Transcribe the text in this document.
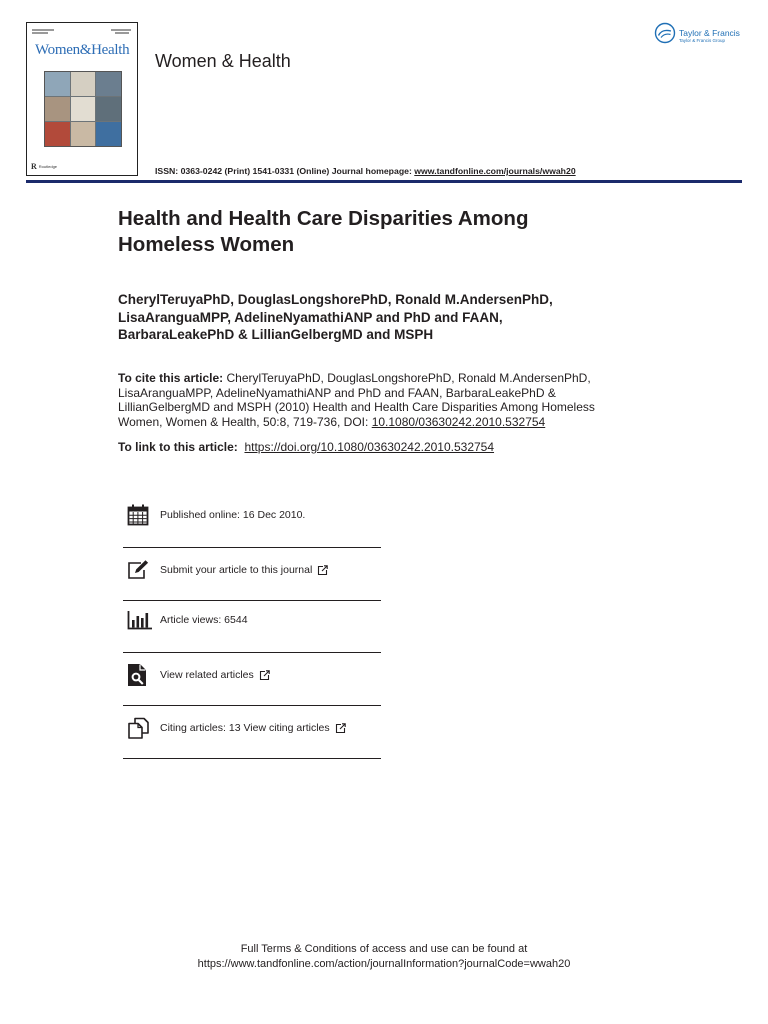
Women&Health
R Routledge
Women & Health
Taylor & Francis
Taylor & Francis Group
ISSN: 0363-0242 (Print) 1541-0331 (Online) Journal homepage: www.tandfonline.com/journals/wwah20
Health and Health Care Disparities Among
Homeless Women
CherylTeruyaPhD, DouglasLongshorePhD, Ronald M.AndersenPhD,
LisaAranguaMPP, AdelineNyamathiANP and PhD and FAAN,
BarbaraLeakePhD & LillianGelbergMD and MSPH
To cite this article: CherylTeruyaPhD, DouglasLongshorePhD, Ronald M.AndersenPhD,
LisaAranguaMPP, AdelineNyamathiANP and PhD and FAAN, BarbaraLeakePhD &
LillianGelbergMD and MSPH (2010) Health and Health Care Disparities Among Homeless
Women, Women & Health, 50:8, 719-736, DOI: 10.1080/03630242.2010.532754
To link to this article: https://doi.org/10.1080/03630242.2010.532754
Published online: 16 Dec 2010.
Submit your article to this journal
Article views: 6544
View related articles
Citing articles: 13 View citing articles
Full Terms & Conditions of access and use can be found at
https://www.tandfonline.com/action/journalInformation?journalCode=wwah20
